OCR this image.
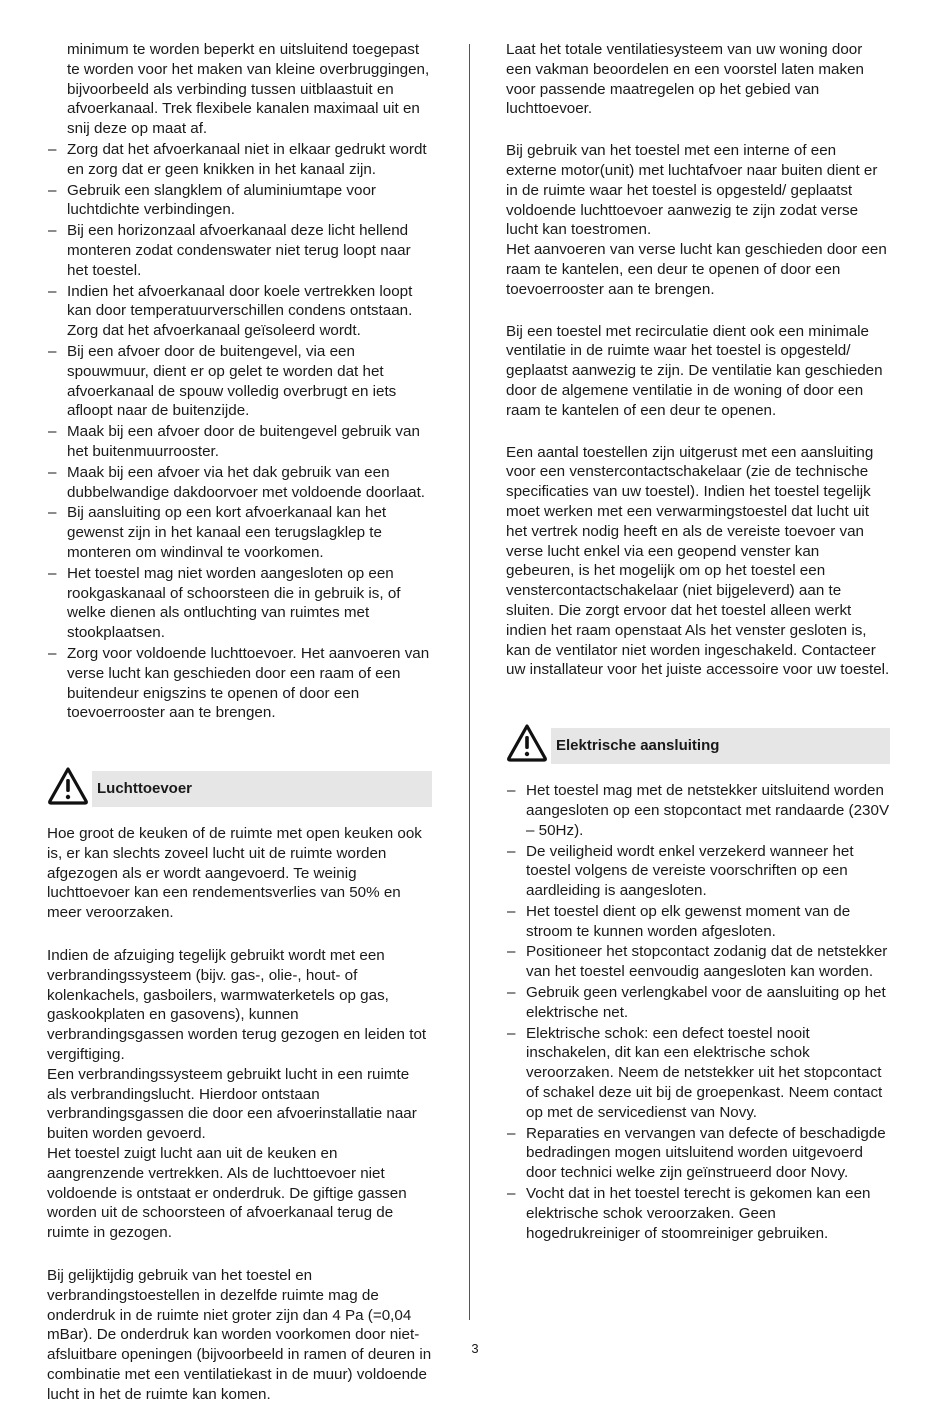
minimum te worden beperkt en uitsluitend toegepast te worden voor het maken van kleine overbruggingen, bijvoorbeeld als verbinding tussen uitblaastuit en afvoerkanaal. Trek flexibele kanalen maximaal uit en snij deze op maat af.

– Zorg dat het afvoerkanaal niet in elkaar gedrukt wordt en zorg dat er geen knikken in het kanaal zijn.
– Gebruik een slangklem of aluminiumtape voor luchtdichte verbindingen.
– Bij een horizonzaal afvoerkanaal deze licht hellend monteren zodat condenswater niet terug loopt naar het toestel.
– Indien het afvoerkanaal door koele vertrekken loopt kan door temperatuurverschillen condens ontstaan. Zorg dat het afvoerkanaal geïsoleerd wordt.
– Bij een afvoer door de buitengevel, via een spouwmuur, dient er op gelet te worden dat het afvoerkanaal de spouw volledig overbrugt en iets afloopt naar de buitenzijde.
– Maak bij een afvoer door de buitengevel gebruik van het buitenmuurrooster.
– Maak bij een afvoer via het dak gebruik van een dubbelwandige dakdoorvoer met voldoende doorlaat.
– Bij aansluiting op een kort afvoerkanaal kan het gewenst zijn in het kanaal een terugslagklep te monteren om windinval te voorkomen.
– Het toestel mag niet worden aangesloten op een rookgaskanaal of schoorsteen die in gebruik is, of welke dienen als ontluchting van ruimtes met stookplaatsen.
– Zorg voor voldoende luchttoevoer. Het aanvoeren van verse lucht kan geschieden door een raam of een buitendeur enigszins te openen of door een toevoerrooster aan te brengen.
Luchttoevoer

Hoe groot de keuken of de ruimte met open keuken ook is, er kan slechts zoveel lucht uit de ruimte worden afgezogen als er wordt aangevoerd. Te weinig luchttoevoer kan een rendementsverlies van 50% en meer veroorzaken.

Indien de afzuiging tegelijk gebruikt wordt met een verbrandingssysteem (bijv. gas-, olie-, hout- of kolenkachels, gasboilers, warmwaterketels op gas, gaskookplaten en gasovens), kunnen verbrandingsgassen worden terug gezogen en leiden tot vergiftiging.

Een verbrandingssysteem gebruikt lucht in een ruimte als verbrandingslucht. Hierdoor ontstaan verbrandingsgassen die door een afvoerinstallatie naar buiten worden gevoerd.

Het toestel zuigt lucht aan uit de keuken en aangrenzende vertrekken. Als de luchttoevoer niet voldoende is ontstaat er onderdruk. De giftige gassen worden uit de schoorsteen of afvoerkanaal terug de ruimte in gezogen.

Bij gelijktijdig gebruik van het toestel en verbrandingstoestellen in dezelfde ruimte mag de onderdruk in de ruimte niet groter zijn dan 4 Pa (=0,04 mBar). De onderdruk kan worden voorkomen door niet-afsluitbare openingen (bijvoorbeeld in ramen of deuren in combinatie met een ventilatiekast in de muur) voldoende lucht in het de ruimte kan komen.

Laat het totale ventilatiesysteem van uw woning door een vakman beoordelen en een voorstel laten maken voor passende maatregelen op het gebied van luchttoevoer.

Bij gebruik van het toestel met een interne of een externe motor(unit) met luchtafvoer naar buiten dient er in de ruimte waar het toestel is opgesteld/ geplaatst voldoende luchttoevoer aanwezig te zijn zodat verse lucht kan toestromen.

Het aanvoeren van verse lucht kan geschieden door een raam te kantelen, een deur te openen of door een toevoerrooster aan te brengen.

Bij een toestel met recirculatie dient ook een minimale ventilatie in de ruimte waar het toestel is opgesteld/ geplaatst aanwezig te zijn. De ventilatie kan geschieden door de algemene ventilatie in de woning of door een raam te kantelen of een deur te openen.

Een aantal toestellen zijn uitgerust met een aansluiting voor een venstercontactschakelaar (zie de technische specificaties van uw toestel). Indien het toestel tegelijk moet werken met een verwarmingstoestel dat lucht uit het vertrek nodig heeft en als de vereiste toevoer van verse lucht enkel via een geopend venster kan gebeuren, is het mogelijk om op het toestel een venstercontactschakelaar (niet bijgeleverd) aan te sluiten. Die zorgt ervoor dat het toestel alleen werkt indien het raam openstaat Als het venster gesloten is, kan de ventilator niet worden ingeschakeld. Contacteer uw installateur voor het juiste accessoire voor uw toestel.

Elektrische aansluiting
– Het toestel mag met de netstekker uitsluitend worden aangesloten op een stopcontact met randaarde (230V – 50Hz).
– De veiligheid wordt enkel verzekerd wanneer het toestel volgens de vereiste voorschriften op een aardleiding is aangesloten.
– Het toestel dient op elk gewenst moment van de stroom te kunnen worden afgesloten.
– Positioneer het stopcontact zodanig dat de netstekker van het toestel eenvoudig aangesloten kan worden.
– Gebruik geen verlengkabel voor de aansluiting op het elektrische net.
– Elektrische schok: een defect toestel nooit inschakelen, dit kan een elektrische schok veroorzaken. Neem de netstekker uit het stopcontact of schakel deze uit bij de groepenkast. Neem contact op met de servicedienst van Novy.
– Reparaties en vervangen van defecte of beschadigde bedradingen mogen uitsluitend worden uitgevoerd door technici welke zijn geïnstrueerd door Novy.
– Vocht dat in het toestel terecht is gekomen kan een elektrische schok veroorzaken. Geen hogedrukreiniger of stoomreiniger gebruiken.
3
